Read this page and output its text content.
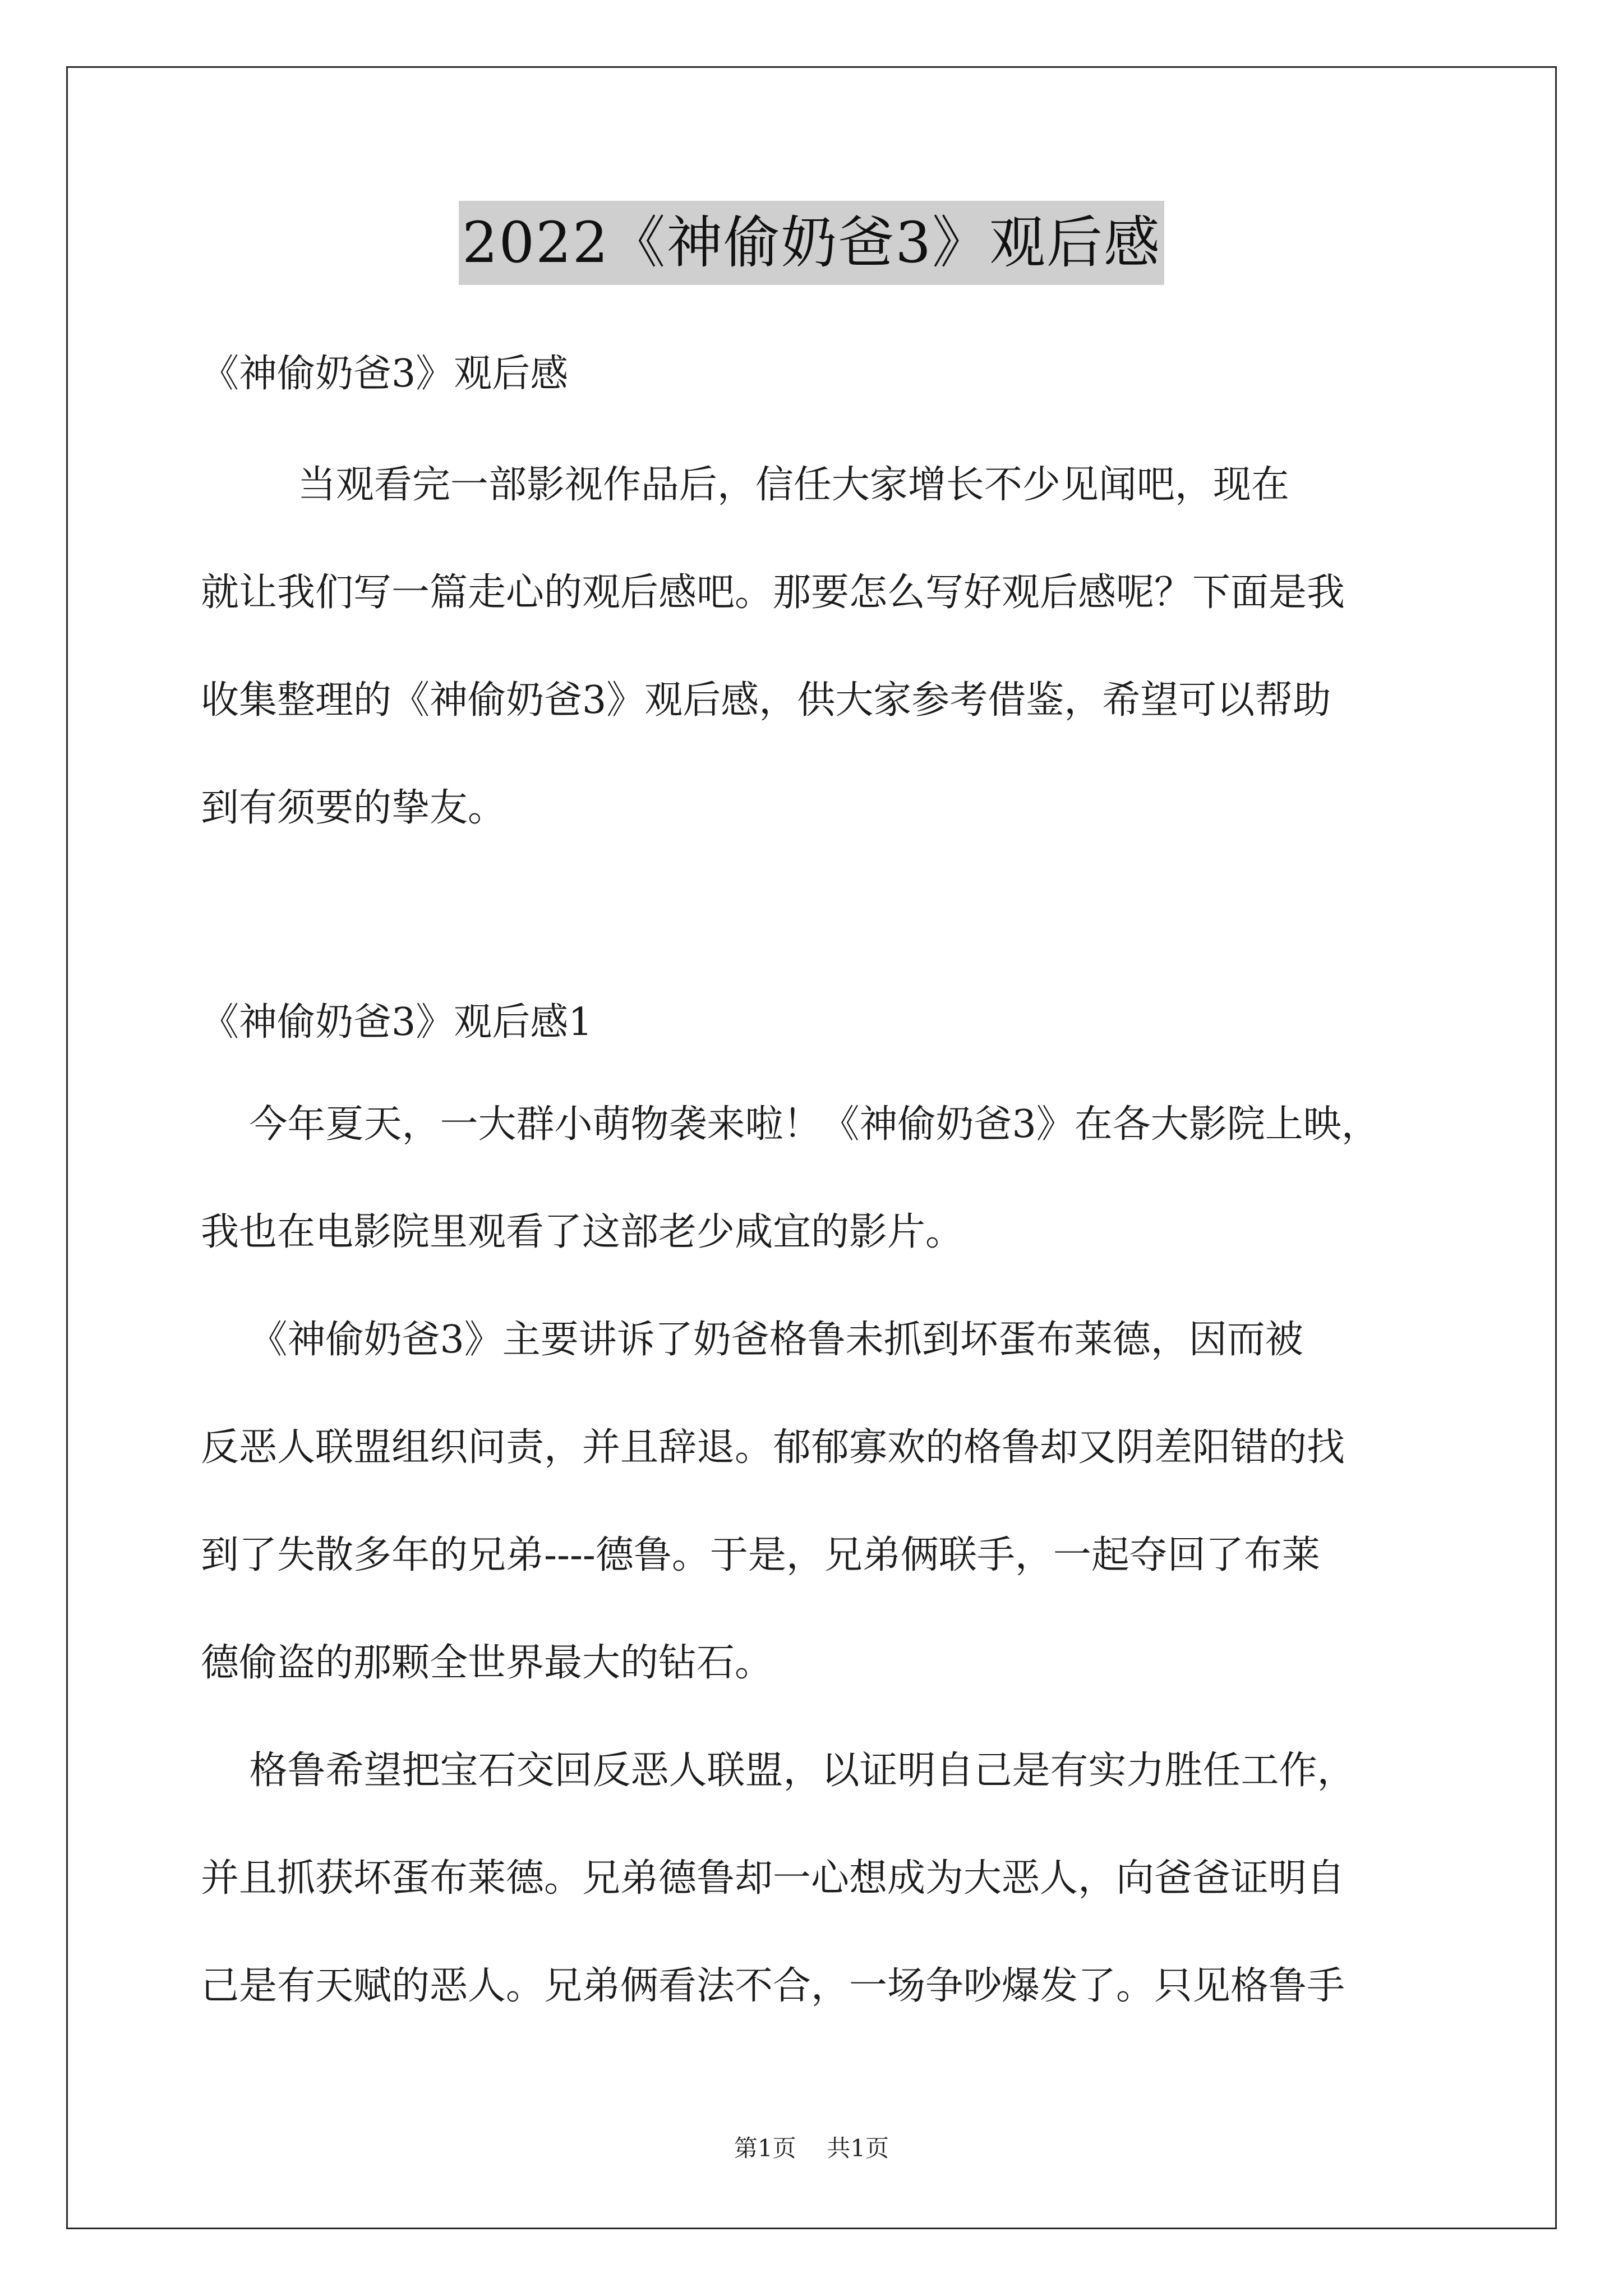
2022《神偷奶爸3》观后感
《神偷奶爸3》观后感
当观看完一部影视作品后，信任大家增长不少见闻吧，现在
就让我们写一篇走心的观后感吧。那要怎么写好观后感呢？下面是我
收集整理的《神偷奶爸3》观后感，供大家参考借鉴，希望可以帮助
到有须要的挚友。
《神偷奶爸3》观后感1
今年夏天，一大群小萌物袭来啦！《神偷奶爸3》在各大影院上映，
我也在电影院里观看了这部老少咸宜的影片。
《神偷奶爸3》主要讲诉了奶爸格鲁未抓到坏蛋布莱德，因而被
反恶人联盟组织问责，并且辞退。郁郁寡欢的格鲁却又阴差阳错的找
到了失散多年的兄弟----德鲁。于是，兄弟俩联手，一起夺回了布莱
德偷盗的那颗全世界最大的钻石。
格鲁希望把宝石交回反恶人联盟，以证明自己是有实力胜任工作，
并且抓获坏蛋布莱德。兄弟德鲁却一心想成为大恶人，向爸爸证明自
己是有天赋的恶人。兄弟俩看法不合，一场争吵爆发了。只见格鲁手
第1页  共1页
